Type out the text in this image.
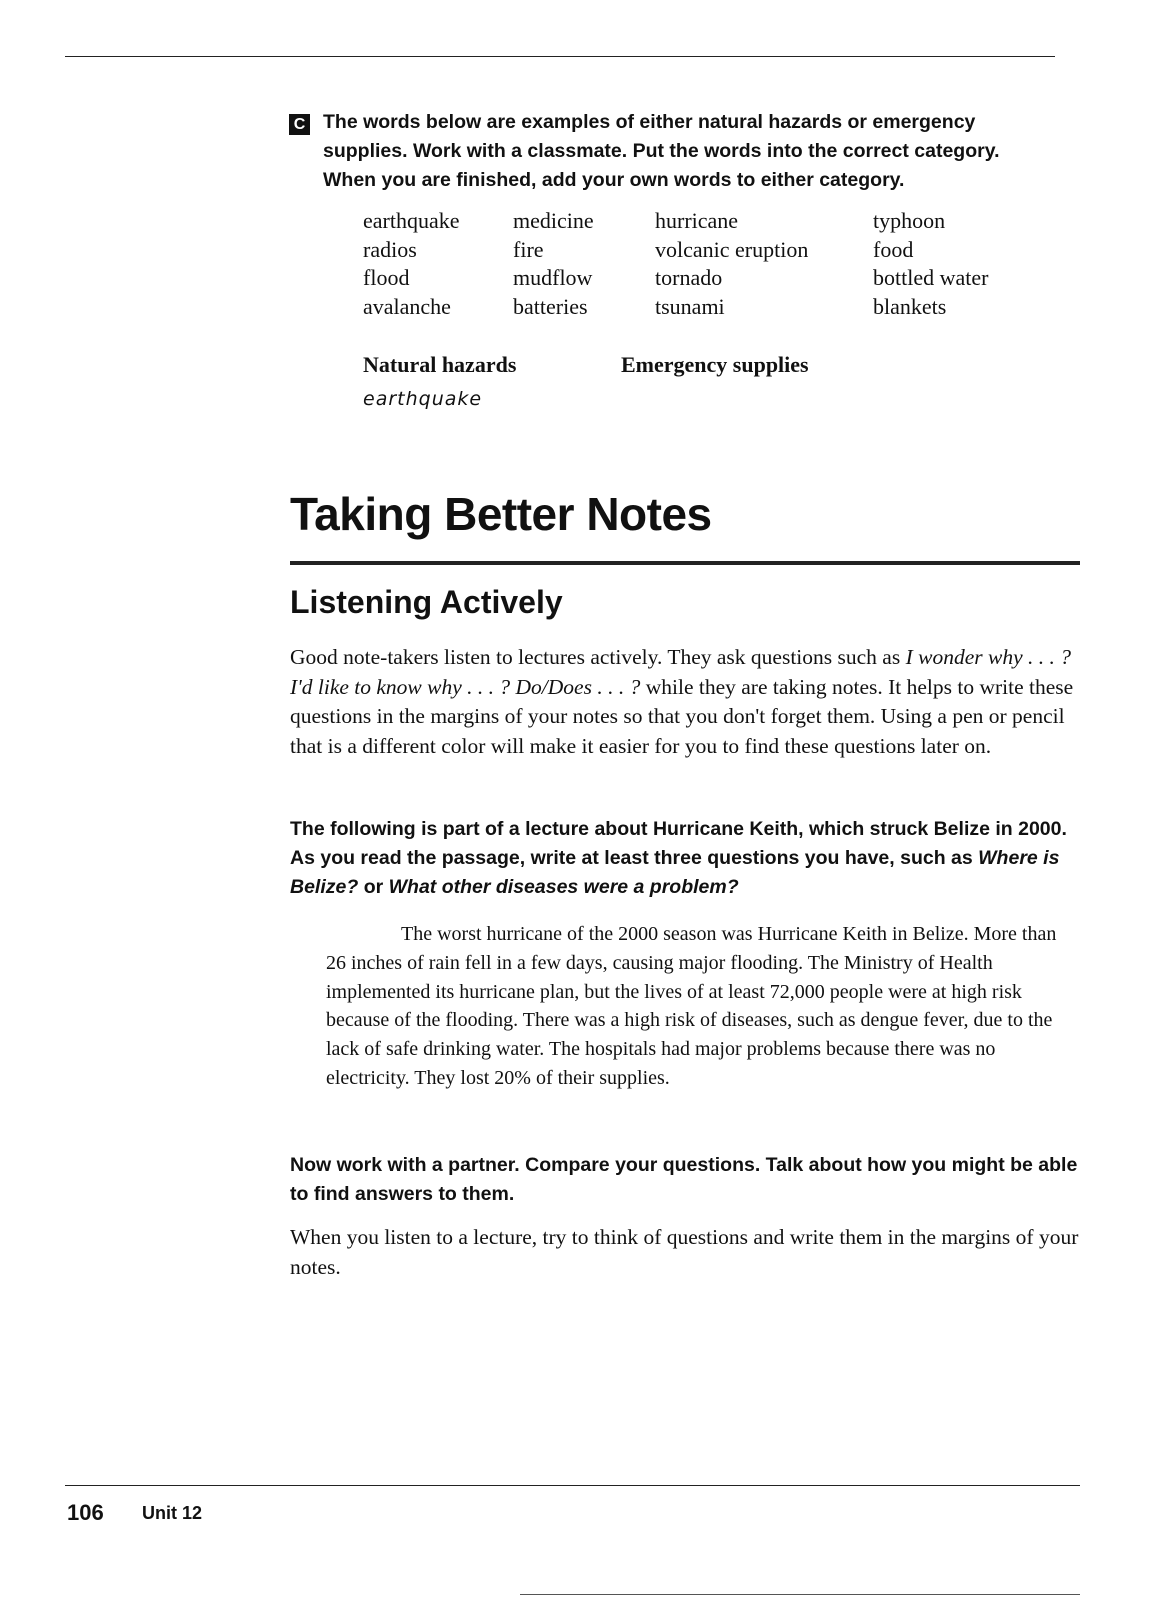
C The words below are examples of either natural hazards or emergency supplies. Work with a classmate. Put the words into the correct category. When you are finished, add your own words to either category.
earthquake
radios
flood
avalanche
medicine
fire
mudflow
batteries
hurricane
volcanic eruption
tornado
tsunami
typhoon
food
bottled water
blankets
Natural hazards	Emergency supplies
earthquake
Taking Better Notes
Listening Actively
Good note-takers listen to lectures actively. They ask questions such as I wonder why . . . ? I'd like to know why . . . ? Do/Does . . . ? while they are taking notes. It helps to write these questions in the margins of your notes so that you don't forget them. Using a pen or pencil that is a different color will make it easier for you to find these questions later on.
The following is part of a lecture about Hurricane Keith, which struck Belize in 2000. As you read the passage, write at least three questions you have, such as Where is Belize? or What other diseases were a problem?
The worst hurricane of the 2000 season was Hurricane Keith in Belize. More than 26 inches of rain fell in a few days, causing major flooding. The Ministry of Health implemented its hurricane plan, but the lives of at least 72,000 people were at high risk because of the flooding. There was a high risk of diseases, such as dengue fever, due to the lack of safe drinking water. The hospitals had major problems because there was no electricity. They lost 20% of their supplies.
Now work with a partner. Compare your questions. Talk about how you might be able to find answers to them.
When you listen to a lecture, try to think of questions and write them in the margins of your notes.
106 Unit 12
